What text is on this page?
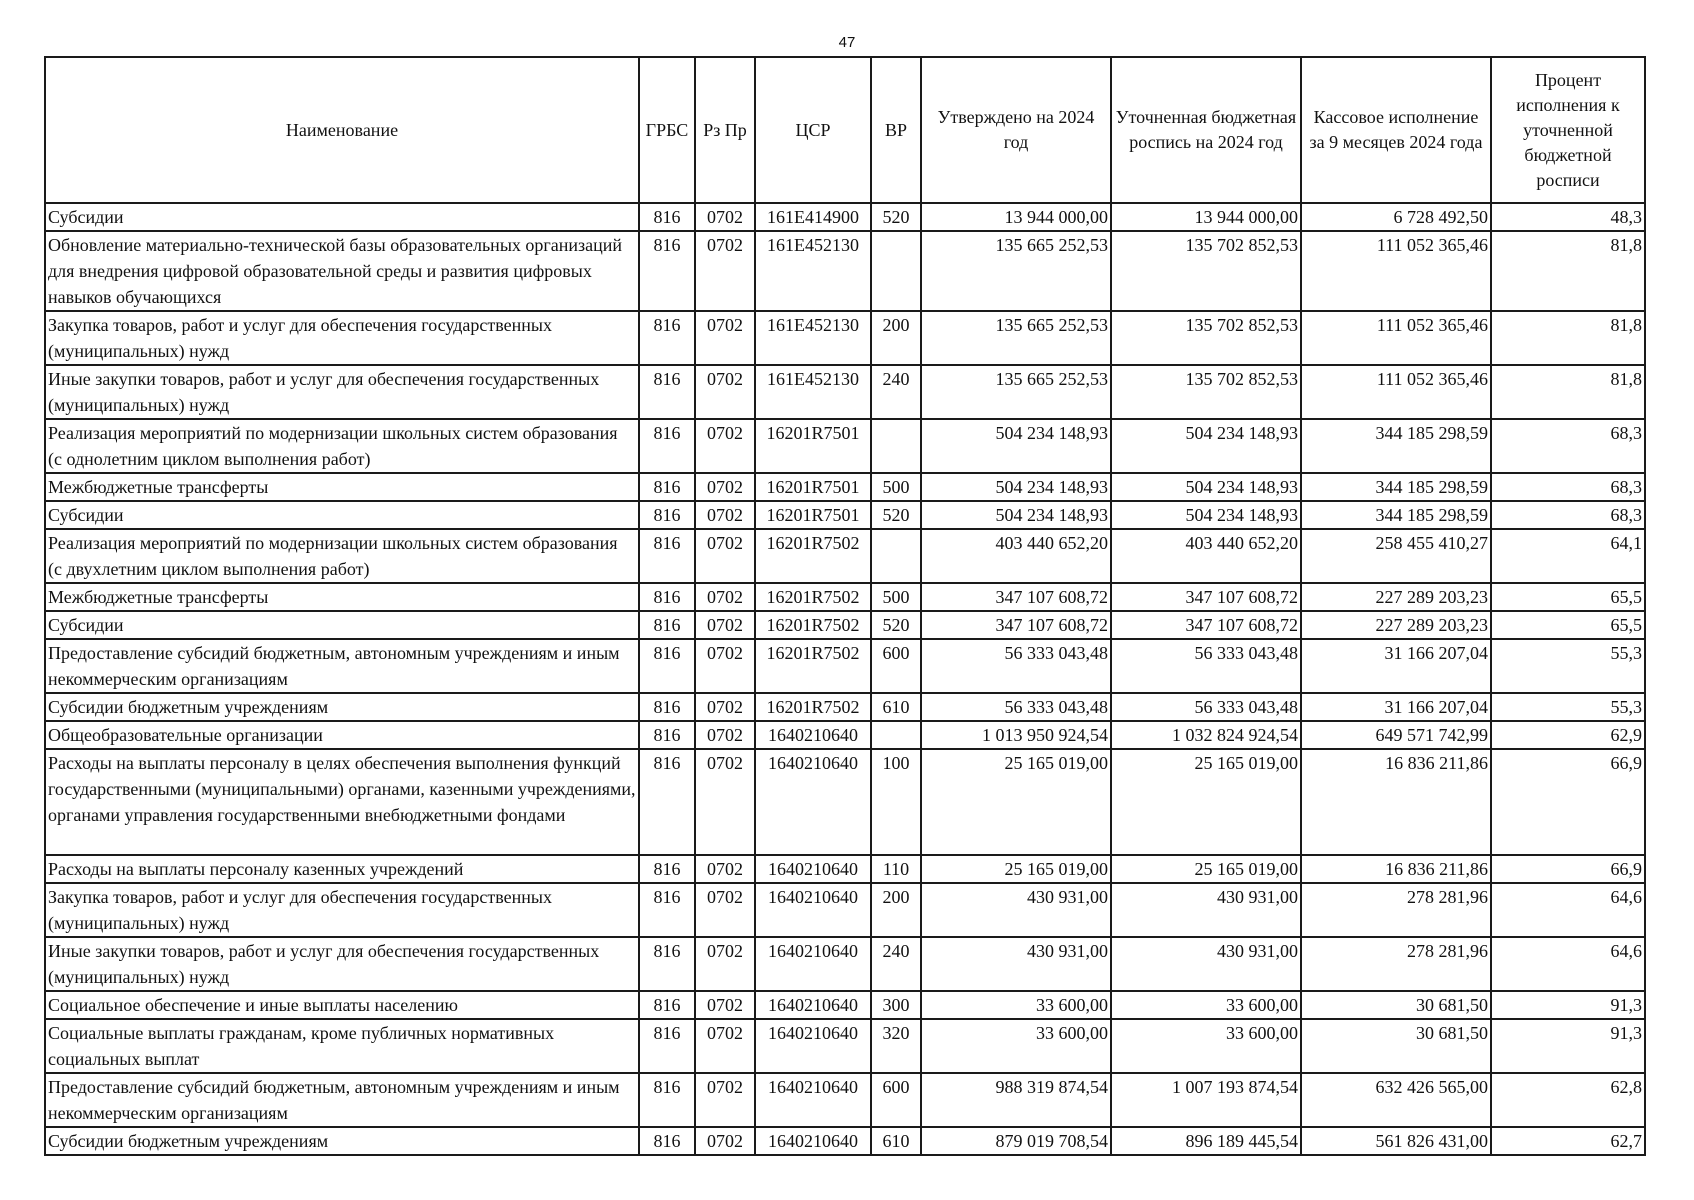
47
Наименование	ГРБС	Рз Пр	ЦСР	ВР	Утверждено на 2024 год	Уточненная бюджетная роспись на 2024 год	Кассовое исполнение за 9 месяцев 2024 года	Процент исполнения к уточненной бюджетной росписи
Субсидии	816	0702	161E414900	520	13 944 000,00	13 944 000,00	6 728 492,50	48,3
Обновление материально-технической базы образовательных организаций для внедрения цифровой образовательной среды и развития цифровых навыков обучающихся	816	0702	161E452130		135 665 252,53	135 702 852,53	111 052 365,46	81,8
Закупка товаров, работ и услуг для обеспечения государственных (муниципальных) нужд	816	0702	161E452130	200	135 665 252,53	135 702 852,53	111 052 365,46	81,8
Иные закупки товаров, работ и услуг для обеспечения государственных (муниципальных) нужд	816	0702	161E452130	240	135 665 252,53	135 702 852,53	111 052 365,46	81,8
Реализация мероприятий по модернизации школьных систем образования (с однолетним циклом выполнения работ)	816	0702	16201R7501		504 234 148,93	504 234 148,93	344 185 298,59	68,3
Межбюджетные трансферты	816	0702	16201R7501	500	504 234 148,93	504 234 148,93	344 185 298,59	68,3
Субсидии	816	0702	16201R7501	520	504 234 148,93	504 234 148,93	344 185 298,59	68,3
Реализация мероприятий по модернизации школьных систем образования (с двухлетним циклом выполнения работ)	816	0702	16201R7502		403 440 652,20	403 440 652,20	258 455 410,27	64,1
Межбюджетные трансферты	816	0702	16201R7502	500	347 107 608,72	347 107 608,72	227 289 203,23	65,5
Субсидии	816	0702	16201R7502	520	347 107 608,72	347 107 608,72	227 289 203,23	65,5
Предоставление субсидий бюджетным, автономным учреждениям и иным некоммерческим организациям	816	0702	16201R7502	600	56 333 043,48	56 333 043,48	31 166 207,04	55,3
Субсидии бюджетным учреждениям	816	0702	16201R7502	610	56 333 043,48	56 333 043,48	31 166 207,04	55,3
Общеобразовательные организации	816	0702	1640210640		1 013 950 924,54	1 032 824 924,54	649 571 742,99	62,9
Расходы на выплаты персоналу в целях обеспечения выполнения функций государственными (муниципальными) органами, казенными учреждениями, органами управления государственными внебюджетными фондами	816	0702	1640210640	100	25 165 019,00	25 165 019,00	16 836 211,86	66,9
Расходы на выплаты персоналу казенных учреждений	816	0702	1640210640	110	25 165 019,00	25 165 019,00	16 836 211,86	66,9
Закупка товаров, работ и услуг для обеспечения государственных (муниципальных) нужд	816	0702	1640210640	200	430 931,00	430 931,00	278 281,96	64,6
Иные закупки товаров, работ и услуг для обеспечения государственных (муниципальных) нужд	816	0702	1640210640	240	430 931,00	430 931,00	278 281,96	64,6
Социальное обеспечение и иные выплаты населению	816	0702	1640210640	300	33 600,00	33 600,00	30 681,50	91,3
Социальные выплаты гражданам, кроме публичных нормативных социальных выплат	816	0702	1640210640	320	33 600,00	33 600,00	30 681,50	91,3
Предоставление субсидий бюджетным, автономным учреждениям и иным некоммерческим организациям	816	0702	1640210640	600	988 319 874,54	1 007 193 874,54	632 426 565,00	62,8
Субсидии бюджетным учреждениям	816	0702	1640210640	610	879 019 708,54	896 189 445,54	561 826 431,00	62,7
